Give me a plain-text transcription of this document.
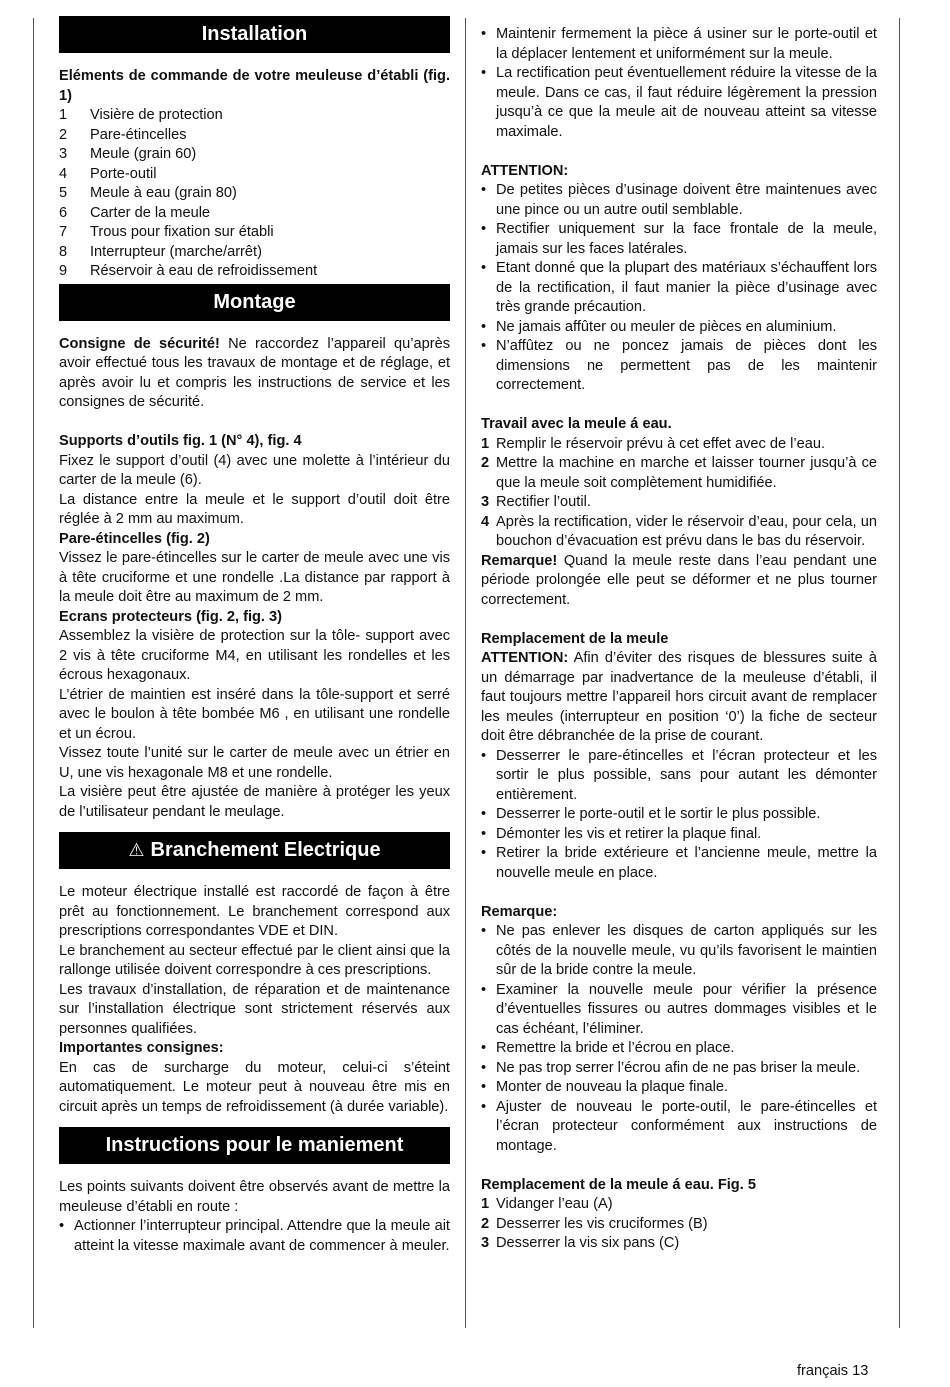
Installation

Eléments de commande de votre meuleuse d’établi (fig. 1)

1	Visière de protection
2	Pare-étincelles
3	Meule (grain 60)
4	Porte-outil
5	Meule à eau (grain 80)
6	Carter de la meule
7	Trous pour fixation sur établi
8	Interrupteur (marche/arrêt)
9	Réservoir à eau de refroidissement
Montage

Consigne de sécurité! Ne raccordez l’appareil qu’après avoir effectué tous les travaux de montage et de réglage, et après avoir lu et compris les instructions de service et les consignes de sécurité.

Supports d’outils fig. 1 (N° 4), fig. 4

Fixez le support d’outil (4) avec une molette à l’intérieur du carter de la meule (6).

La distance entre la meule et le support d’outil doit être réglée à 2 mm au maximum.

Pare-étincelles (fig. 2)

Vissez le pare-étincelles sur le carter de meule avec une vis à tête cruciforme et une rondelle .La distance par rapport à la meule doit être au maximum de 2 mm.

Ecrans protecteurs (fig. 2, fig. 3)

Assemblez la visière de protection sur la tôle- support avec 2 vis à tête cruciforme M4, en utilisant les rondelles et les écrous hexagonaux.

L’étrier de maintien est inséré dans la tôle-support et serré avec le boulon à tête bombée M6 , en utilisant une rondelle et un écrou.

Vissez toute l’unité sur le carter de meule avec un étrier en U, une vis hexagonale M8 et une rondelle.

La visière peut être ajustée de manière à protéger les yeux de l’utilisateur pendant le meulage.

⚠ Branchement Electrique

Le moteur électrique installé est raccordé de façon à être prêt au fonctionnement. Le branchement correspond aux prescriptions correspondantes VDE et DIN.

Le branchement au secteur effectué par le client ainsi que la rallonge utilisée doivent correspondre à ces prescriptions.

Les travaux d’installation, de réparation et de maintenance sur l’installation électrique sont strictement réservés aux personnes qualifiées.

Importantes consignes:

En cas de surcharge du moteur, celui-ci s’éteint automatiquement. Le moteur peut à nouveau être mis en circuit après un temps de refroidissement (à durée variable).

Instructions pour le maniement

Les points suivants doivent être observés avant de mettre la meuleuse d’établi en route :

• Actionner l’interrupteur principal. Attendre que la meule ait atteint la vitesse maximale avant de commencer à meuler.
• Maintenir fermement la pièce á usiner sur le porte-outil et la déplacer lentement et uniformément sur la meule.
• La rectification peut éventuellement réduire la vitesse de la meule. Dans ce cas, il faut réduire légèrement la pression jusqu’à ce que la meule ait de nouveau atteint sa vitesse maximale.

ATTENTION:

• De petites pièces d’usinage doivent être maintenues avec une pince ou un autre outil semblable.
• Rectifier uniquement sur la face frontale de la meule, jamais sur les faces latérales.
• Etant donné que la plupart des matériaux s’échauffent lors de la rectification, il faut manier la pièce d’usinage avec très grande précaution.
• Ne jamais affûter ou meuler de pièces en aluminium.
• N’affûtez ou ne poncez jamais de pièces dont les dimensions ne permettent pas de les maintenir correctement.

Travail avec la meule á eau.

1 Remplir le réservoir prévu à cet effet avec de l’eau.
2 Mettre la machine en marche et laisser tourner jusqu’à ce que la meule soit complètement humidifiée.
3 Rectifier l’outil.
4 Après la rectification, vider le réservoir d’eau, pour cela, un bouchon d’évacuation est prévu dans le bas du réservoir.

Remarque! Quand la meule reste dans l’eau pendant une période prolongée elle peut se déformer et ne plus tourner correctement.

Remplacement de la meule

ATTENTION: Afin d’éviter des risques de blessures suite à un démarrage par inadvertance de la meuleuse d’établi, il faut toujours mettre l’appareil hors circuit avant de remplacer les meules (interrupteur en position ‘0’) la fiche de secteur doit être débranchée de la prise de courant.

• Desserrer le pare-étincelles et l’écran protecteur et les sortir le plus possible, sans pour autant les démonter entièrement.
• Desserrer le porte-outil et le sortir le plus possible.
• Démonter les vis et retirer la plaque final.
• Retirer la bride extérieure et l’ancienne meule, mettre la nouvelle meule en place.

Remarque:

• Ne pas enlever les disques de carton appliqués sur les côtés de la nouvelle meule, vu qu’ils favorisent le maintien sûr de la bride contre la meule.
• Examiner la nouvelle meule pour vérifier la présence d’éventuelles fissures ou autres dommages visibles et le cas échéant, l’éliminer.
• Remettre la bride et l’écrou en place.
• Ne pas trop serrer l’écrou afin de ne pas briser la meule.
• Monter de nouveau la plaque finale.
• Ajuster de nouveau le porte-outil, le pare-étincelles et l’écran protecteur conformément aux instructions de montage.

Remplacement de la meule á eau. Fig. 5

1 Vidanger l’eau (A)
2 Desserrer les vis cruciformes (B)
3 Desserrer la vis six pans (C)
français 13
